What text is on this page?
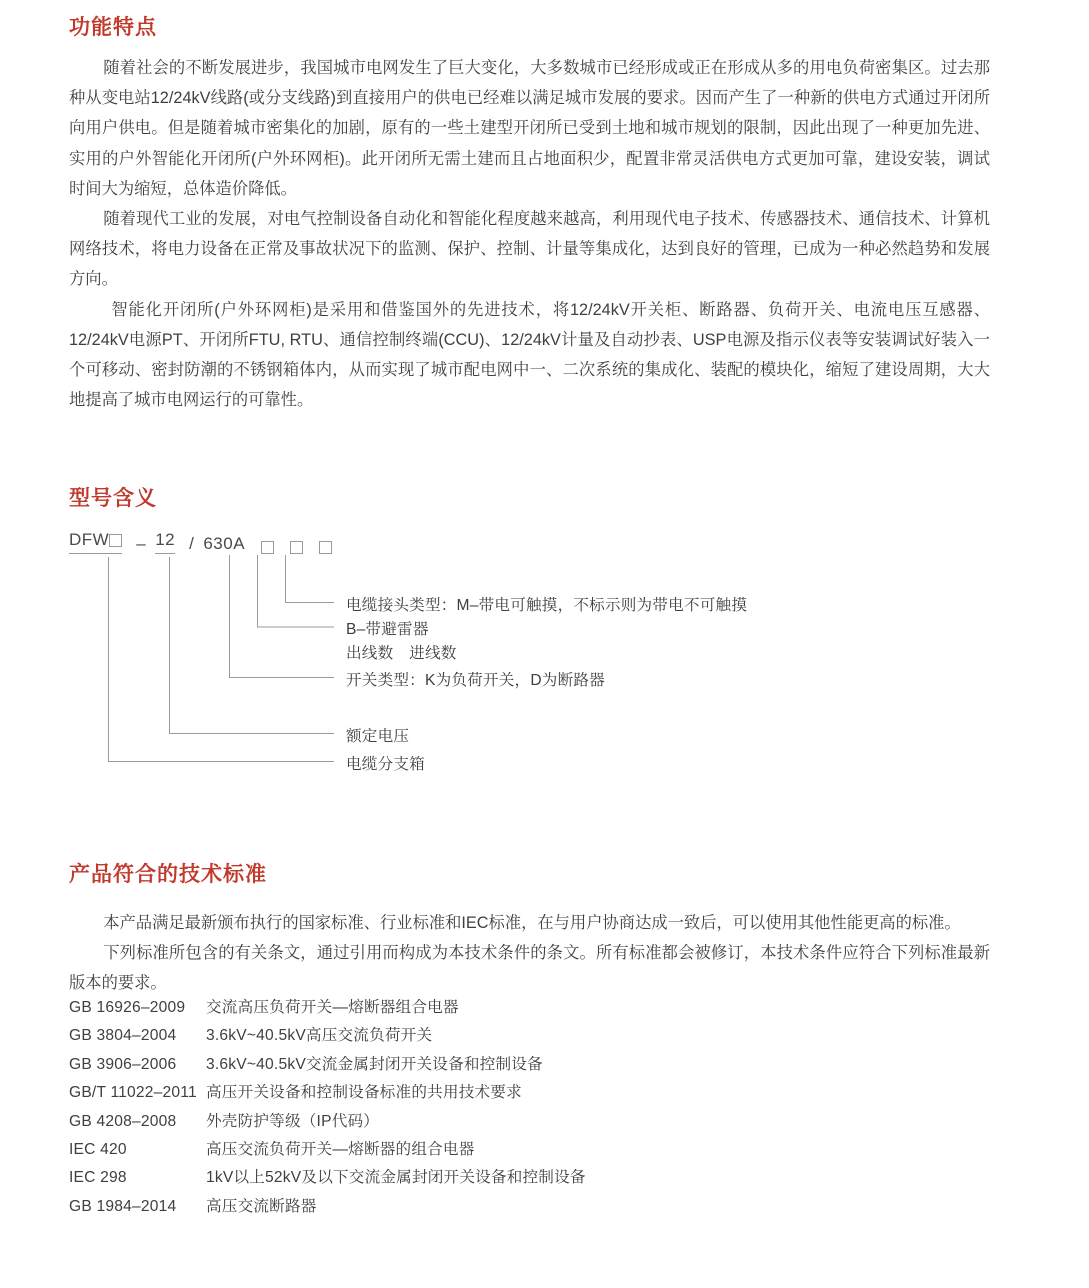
功能特点

随着社会的不断发展进步，我国城市电网发生了巨大变化，大多数城市已经形成或正在形成从多的用电负荷密集区。过去那种从变电站12/24kV线路(或分支线路)到直接用户的供电已经难以满足城市发展的要求。因而产生了一种新的供电方式通过开闭所向用户供电。但是随着城市密集化的加剧，原有的一些土建型开闭所已受到土地和城市规划的限制，因此出现了一种更加先进、实用的户外智能化开闭所(户外环网柜)。此开闭所无需土建而且占地面积少，配置非常灵活供电方式更加可靠，建设安装，调试时间大为缩短，总体造价降低。

随着现代工业的发展，对电气控制设备自动化和智能化程度越来越高，利用现代电子技术、传感器技术、通信技术、计算机网络技术，将电力设备在正常及事故状况下的监测、保护、控制、计量等集成化，达到良好的管理，已成为一种必然趋势和发展方向。

智能化开闭所(户外环网柜)是采用和借鉴国外的先进技术，将12/24kV开关柜、断路器、负荷开关、电流电压互感器、12/24kV电源PT、开闭所FTU, RTU、通信控制终端(CCU)、12/24kV计量及自动抄表、USP电源及指示仪表等安装调试好装入一个可移动、密封防潮的不锈钢箱体内，从而实现了城市配电网中一、二次系统的集成化、装配的模块化，缩短了建设周期，大大地提高了城市电网运行的可靠性。

型号含义
DFW – 12 / 630A
电缆接头类型：M–带电可触摸，不标示则为带电不可触摸
B–带避雷器
出线数　进线数
开关类型：K为负荷开关，D为断路器
额定电压
电缆分支箱
产品符合的技术标准

本产品满足最新颁布执行的国家标准、行业标准和IEC标准，在与用户协商达成一致后，可以使用其他性能更高的标准。

下列标准所包含的有关条文，通过引用而构成为本技术条件的条文。所有标准都会被修订，本技术条件应符合下列标准最新版本的要求。

GB 16926–2009	交流高压负荷开关—熔断器组合电器
GB 3804–2004	3.6kV~40.5kV高压交流负荷开关
GB 3906–2006	3.6kV~40.5kV交流金属封闭开关设备和控制设备
GB/T 11022–2011 高压开关设备和控制设备标准的共用技术要求
GB 4208–2008	外壳防护等级（IP代码）
IEC 420	高压交流负荷开关—熔断器的组合电器
IEC 298	1kV以上52kV及以下交流金属封闭开关设备和控制设备
GB 1984–2014	高压交流断路器
